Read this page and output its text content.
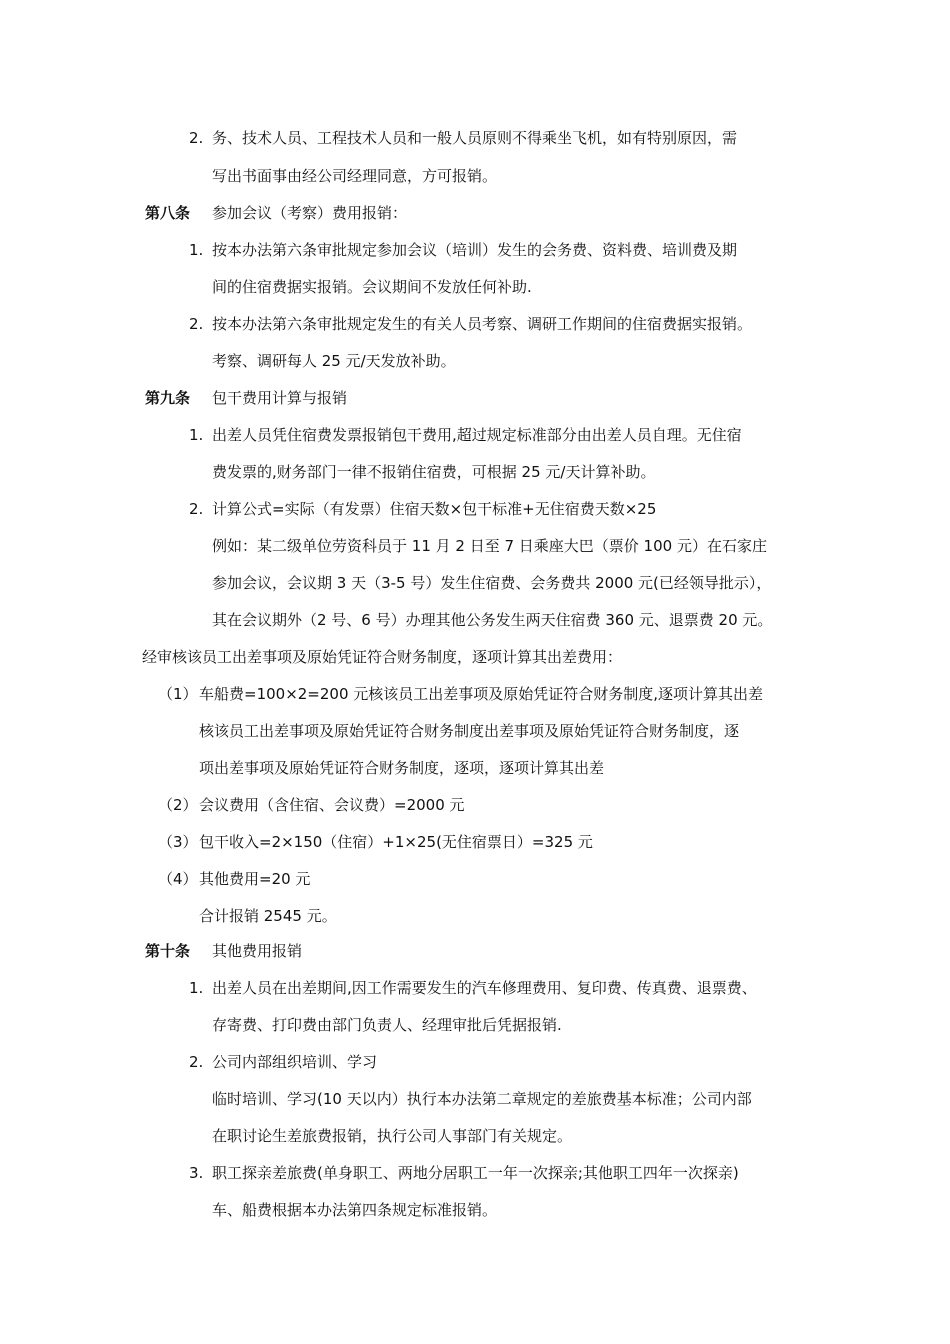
2. 务、技术人员、工程技术人员和一般人员原则不得乘坐飞机，如有特别原因，需
写出书面事由经公司经理同意，方可报销。
第八条 参加会议（考察）费用报销：
1. 按本办法第六条审批规定参加会议（培训）发生的会务费、资料费、培训费及期
间的住宿费据实报销。会议期间不发放任何补助.
2. 按本办法第六条审批规定发生的有关人员考察、调研工作期间的住宿费据实报销。
考察、调研每人 25 元/天发放补助。
第九条 包干费用计算与报销
1. 出差人员凭住宿费发票报销包干费用,超过规定标准部分由出差人员自理。无住宿
费发票的,财务部门一律不报销住宿费，可根据 25 元/天计算补助。
2. 计算公式=实际（有发票）住宿天数×包干标准+无住宿费天数×25
例如：某二级单位劳资科员于 11 月 2 日至 7 日乘座大巴（票价 100 元）在石家庄
参加会议，会议期 3 天（3-5 号）发生住宿费、会务费共 2000 元(已经领导批示），
其在会议期外（2 号、6 号）办理其他公务发生两天住宿费 360 元、退票费 20 元。
经审核该员工出差事项及原始凭证符合财务制度，逐项计算其出差费用：
（1） 车船费=100×2=200 元核该员工出差事项及原始凭证符合财务制度,逐项计算其出差
核该员工出差事项及原始凭证符合财务制度出差事项及原始凭证符合财务制度，逐
项出差事项及原始凭证符合财务制度，逐项，逐项计算其出差
（2） 会议费用（含住宿、会议费）=2000 元
（3） 包干收入=2×150（住宿）+1×25(无住宿票日）=325 元
（4） 其他费用=20 元
合计报销 2545 元。
第十条 其他费用报销
1. 出差人员在出差期间,因工作需要发生的汽车修理费用、复印费、传真费、退票费、
存寄费、打印费由部门负责人、经理审批后凭据报销.
2. 公司内部组织培训、学习
临时培训、学习(10 天以内）执行本办法第二章规定的差旅费基本标准；公司内部
在职讨论生差旅费报销，执行公司人事部门有关规定。
3. 职工探亲差旅费(单身职工、两地分居职工一年一次探亲;其他职工四年一次探亲)
车、船费根据本办法第四条规定标准报销。
